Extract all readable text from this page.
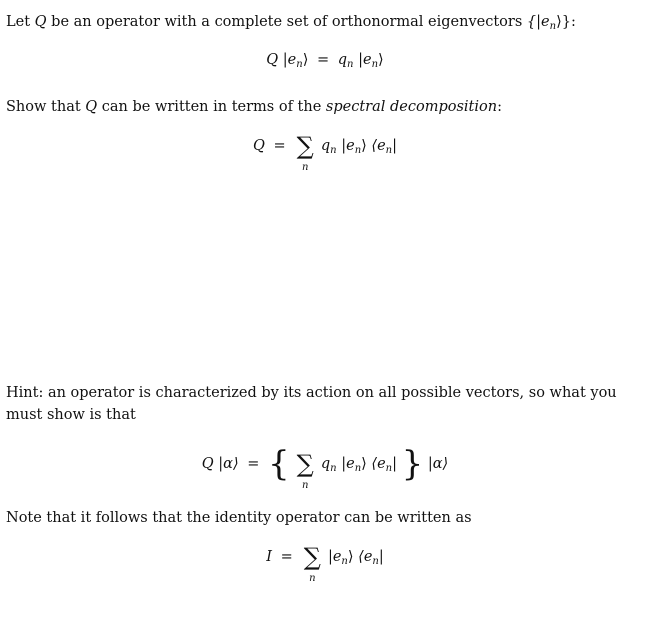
Let Q be an operator with a complete set of orthonormal eigenvectors $\{|e_n⟩\}$:
Q $|e_n⟩ = q_n$ $|e_n⟩$
Show that Q can be written in terms of the spectral decomposition:
Q = ∑
n
$q_n$ $|e_n⟩$ $⟨e_n|$
Hint: an operator is characterized by its action on all possible vectors, so what you must show is that
Q |α⟩ = { ∑
n
$q_n$ $|e_n⟩$ $⟨e_n|$ } |α⟩
Note that it follows that the identity operator can be written as
I = ∑
n
$|e_n⟩$ $⟨e_n|$
